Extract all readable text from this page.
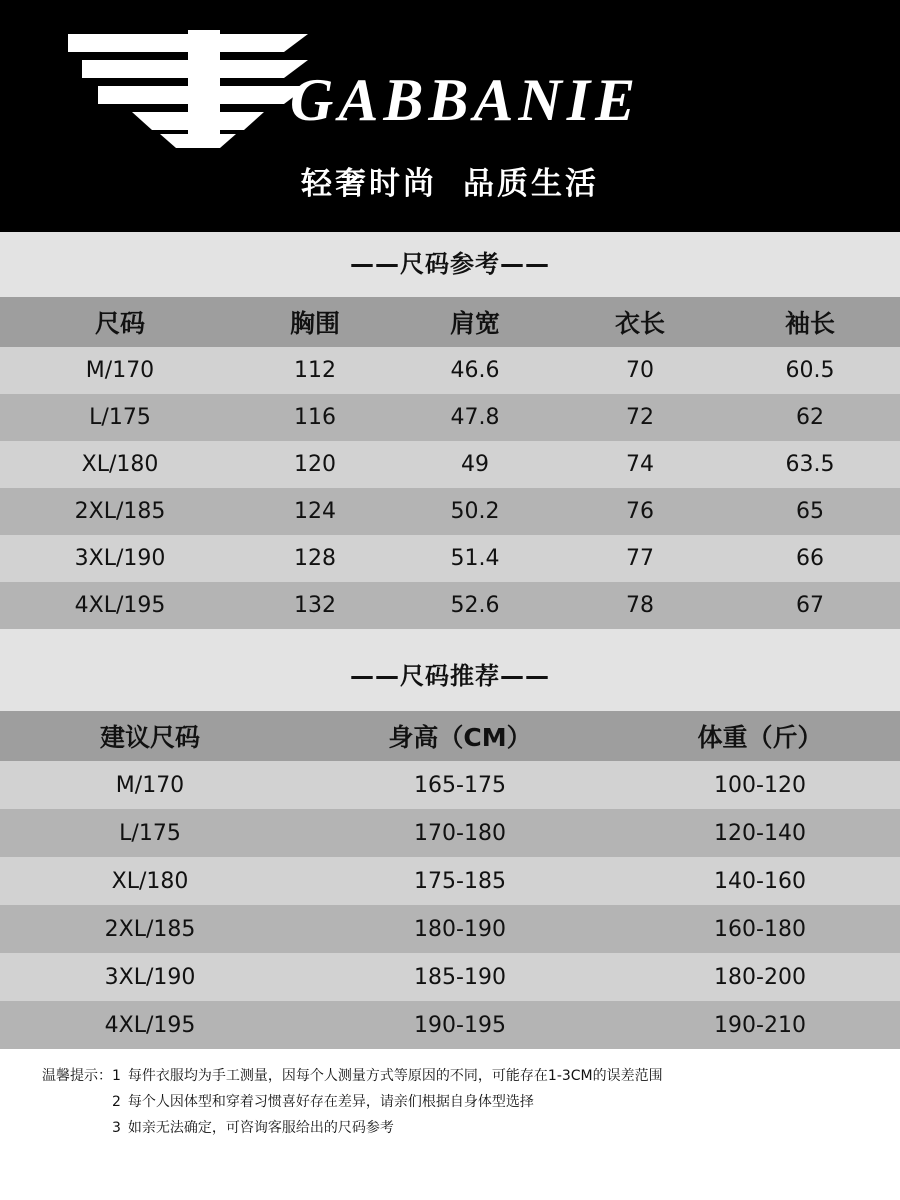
GABBANIE
轻奢时尚 品质生活
——尺码参考——
尺码	胸围	肩宽	衣长	袖长
M/170	112	46.6	70	60.5
L/175	116	47.8	72	62
XL/180	120	49	74	63.5
2XL/185	124	50.2	76	65
3XL/190	128	51.4	77	66
4XL/195	132	52.6	78	67
——尺码推荐——
建议尺码	身高（CM）	体重（斤）
M/170	165-175	100-120
L/175	170-180	120-140
XL/180	175-185	140-160
2XL/185	180-190	160-180
3XL/190	185-190	180-200
4XL/195	190-195	190-210
温馨提示：1 每件衣服均为手工测量，因每个人测量方式等原因的不同，可能存在1-3CM的误差范围
2 每个人因体型和穿着习惯喜好存在差异，请亲们根据自身体型选择
3 如亲无法确定，可咨询客服给出的尺码参考
